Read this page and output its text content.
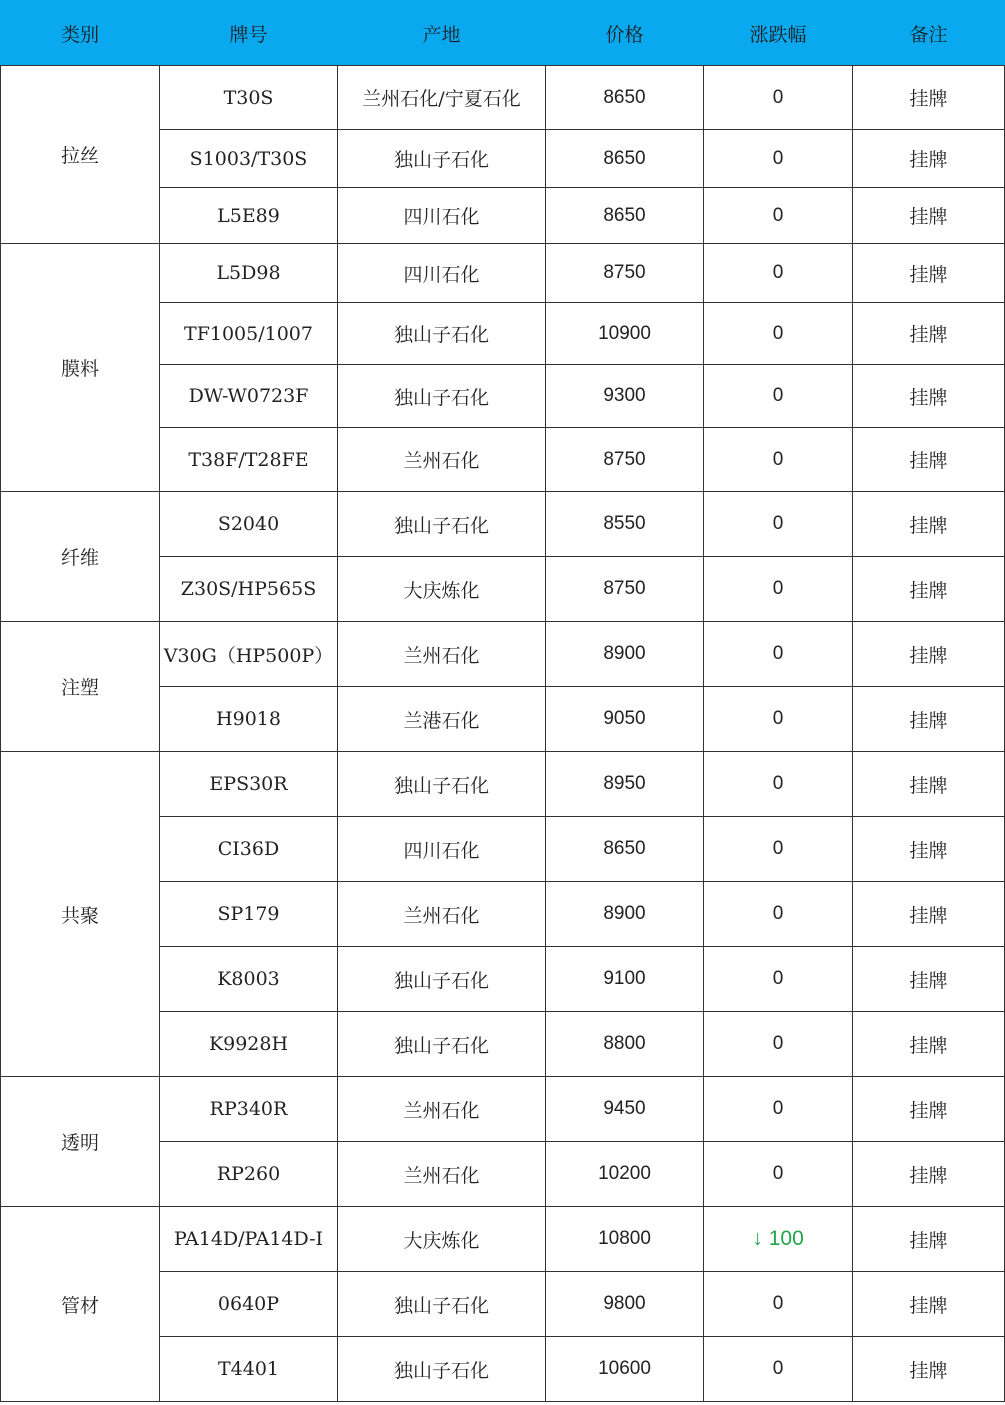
类别	牌号	产地	价格	涨跌幅	备注
拉丝	T30S	兰州石化/宁夏石化	8650	0	挂牌
	S1003/T30S	独山子石化	8650	0	挂牌
	L5E89	四川石化	8650	0	挂牌
膜料	L5D98	四川石化	8750	0	挂牌
	TF1005/1007	独山子石化	10900	0	挂牌
	DW-W0723F	独山子石化	9300	0	挂牌
	T38F/T28FE	兰州石化	8750	0	挂牌
纤维	S2040	独山子石化	8550	0	挂牌
	Z30S/HP565S	大庆炼化	8750	0	挂牌
注塑	V30G（HP500P）	兰州石化	8900	0	挂牌
	H9018	兰港石化	9050	0	挂牌
共聚	EPS30R	独山子石化	8950	0	挂牌
	CI36D	四川石化	8650	0	挂牌
	SP179	兰州石化	8900	0	挂牌
	K8003	独山子石化	9100	0	挂牌
	K9928H	独山子石化	8800	0	挂牌
透明	RP340R	兰州石化	9450	0	挂牌
	RP260	兰州石化	10200	0	挂牌
管材	PA14D/PA14D-I	大庆炼化	10800	↓ 100	挂牌
	0640P	独山子石化	9800	0	挂牌
	T4401	独山子石化	10600	0	挂牌
